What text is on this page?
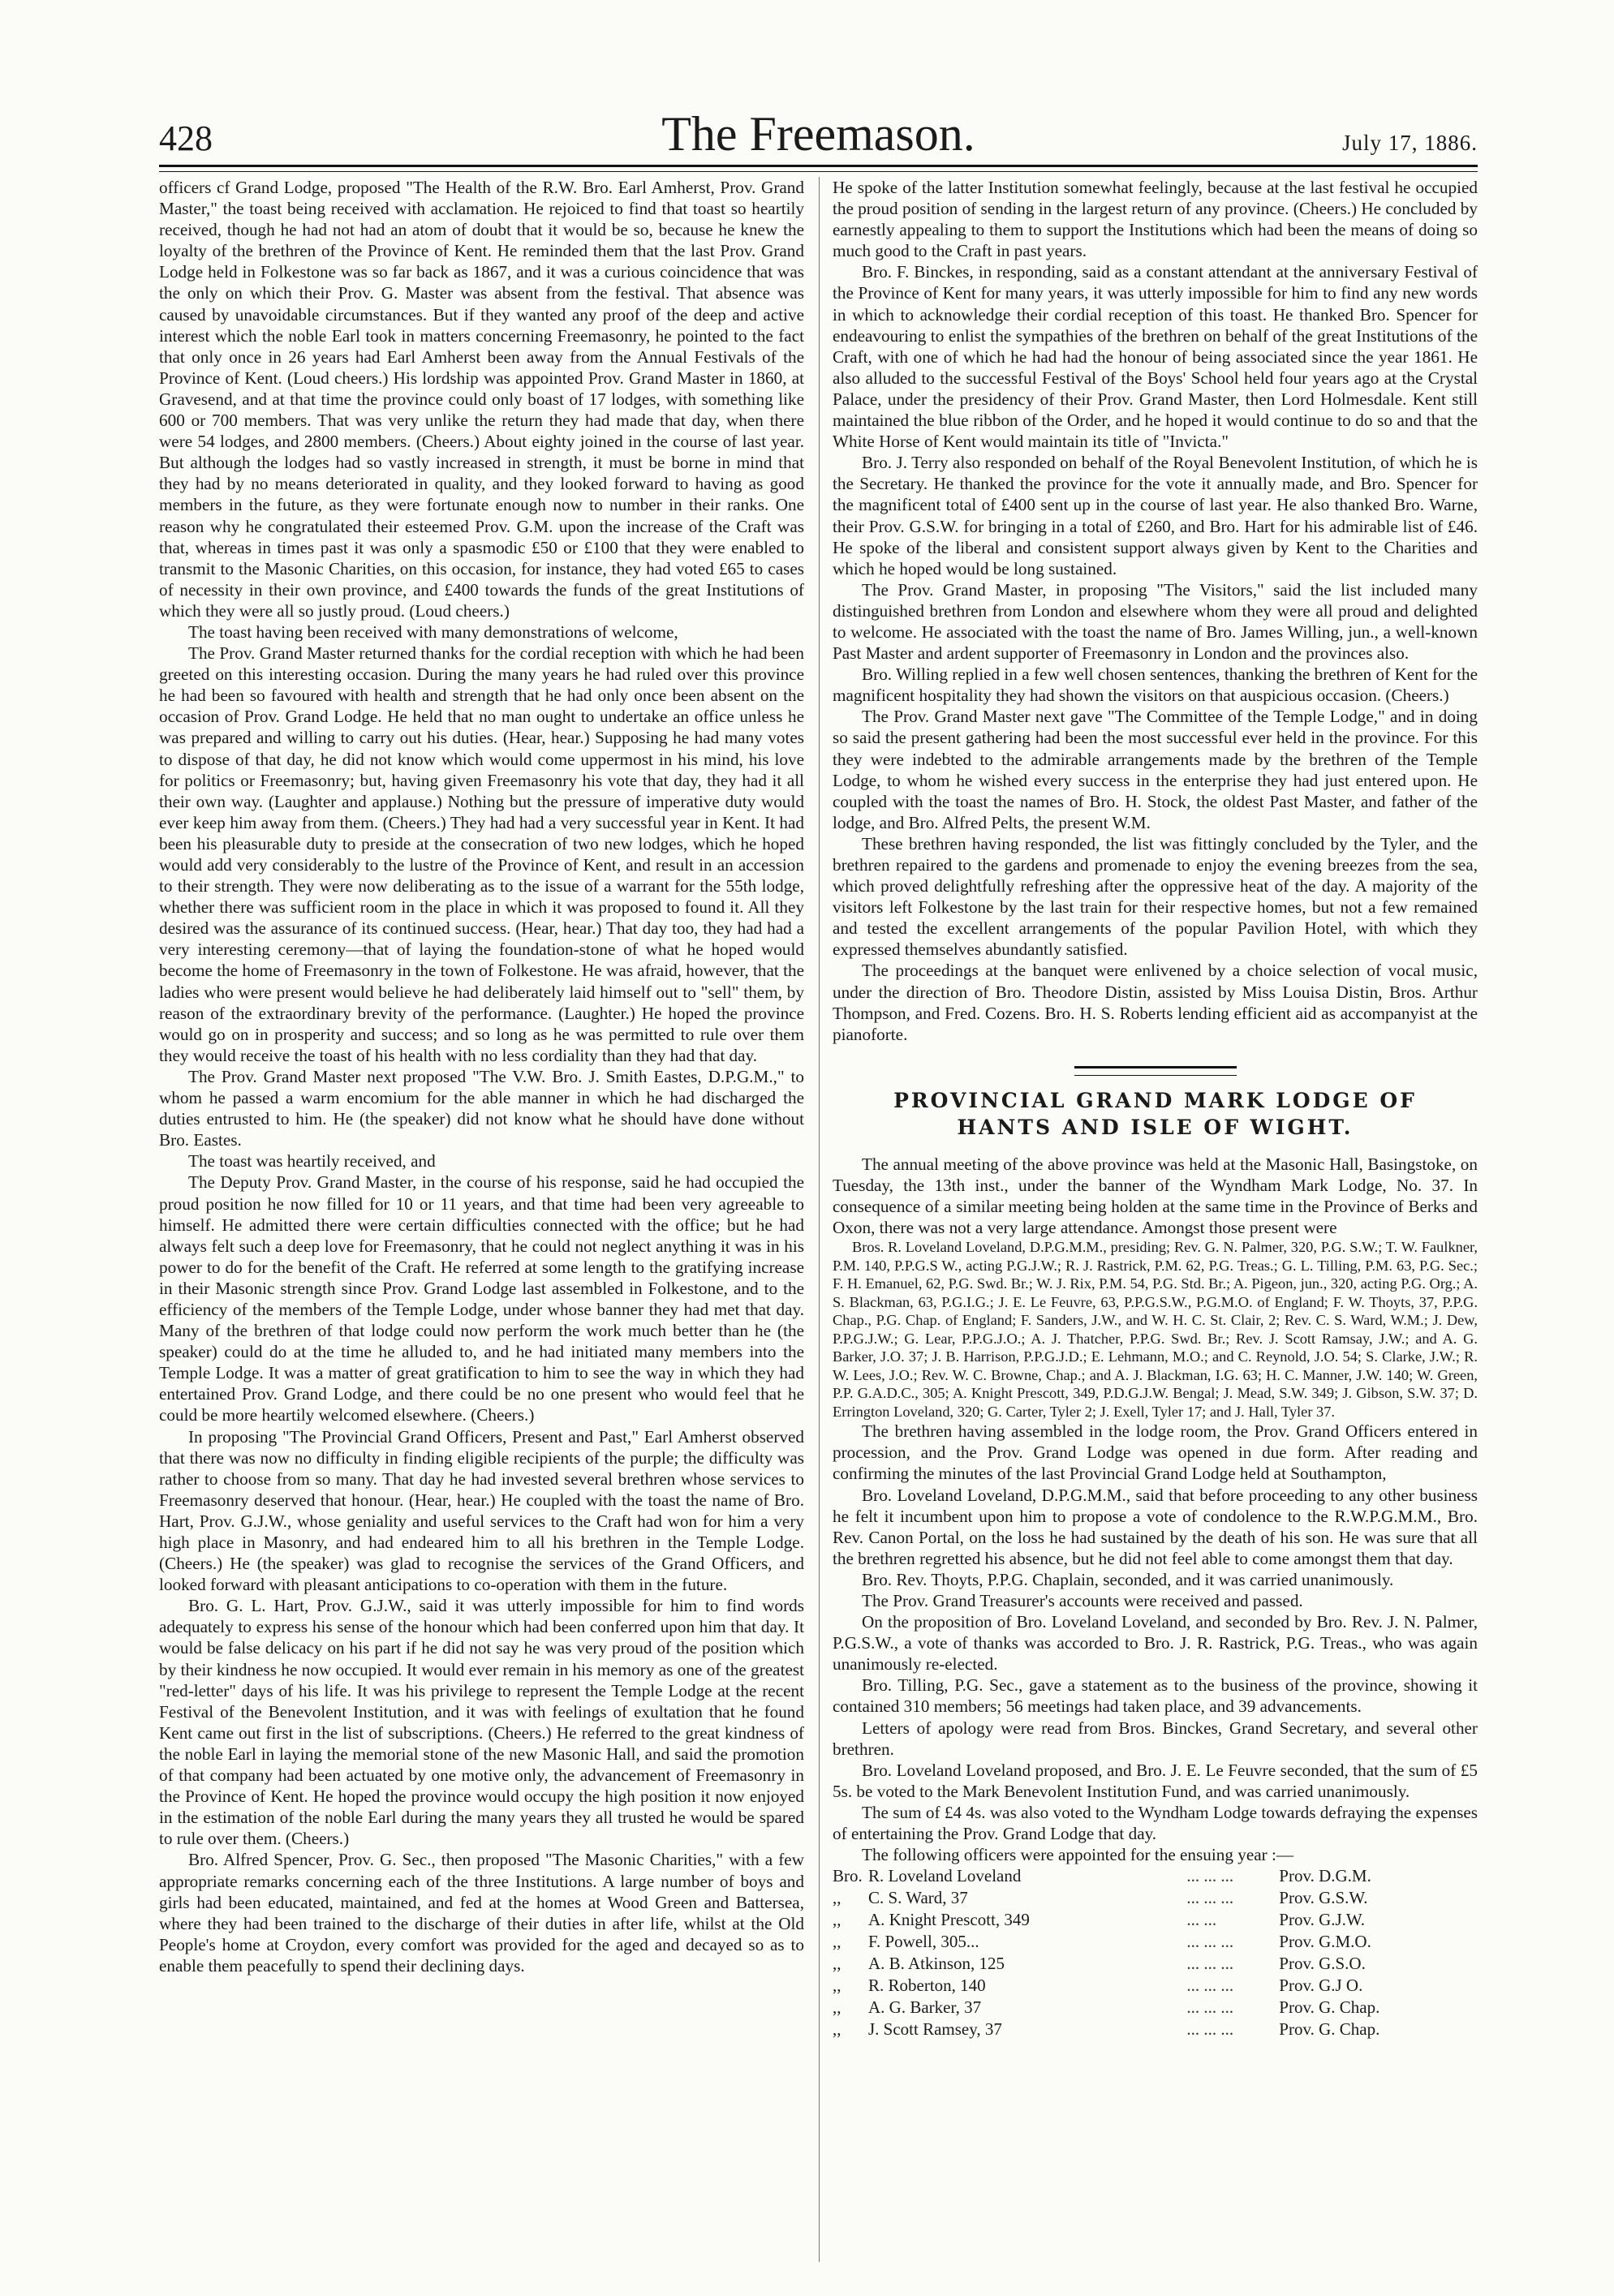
428	The Freemason.	July 17, 1886.

officers cf Grand Lodge, proposed "The Health of the R.W. Bro. Earl Amherst, Prov. Grand Master," the toast being received with acclamation. He rejoiced to find that toast so heartily received, though he had not had an atom of doubt that it would be so, because he knew the loyalty of the brethren of the Province of Kent. He reminded them that the last Prov. Grand Lodge held in Folkestone was so far back as 1867, and it was a curious coincidence that was the only on which their Prov. G. Master was absent from the festival. That absence was caused by unavoidable circumstances. But if they wanted any proof of the deep and active interest which the noble Earl took in matters concerning Freemasonry, he pointed to the fact that only once in 26 years had Earl Amherst been away from the Annual Festivals of the Province of Kent. (Loud cheers.) His lordship was appointed Prov. Grand Master in 1860, at Gravesend, and at that time the province could only boast of 17 lodges, with something like 600 or 700 members. That was very unlike the return they had made that day, when there were 54 lodges, and 2800 members. (Cheers.) About eighty joined in the course of last year. But although the lodges had so vastly increased in strength, it must be borne in mind that they had by no means deteriorated in quality, and they looked forward to having as good members in the future, as they were fortunate enough now to number in their ranks. One reason why he congratulated their esteemed Prov. G.M. upon the increase of the Craft was that, whereas in times past it was only a spasmodic £50 or £100 that they were enabled to transmit to the Masonic Charities, on this occasion, for instance, they had voted £65 to cases of necessity in their own province, and £400 towards the funds of the great Institutions of which they were all so justly proud. (Loud cheers.)

The toast having been received with many demonstrations of welcome,

The Prov. Grand Master returned thanks for the cordial reception with which he had been greeted on this interesting occasion. During the many years he had ruled over this province he had been so favoured with health and strength that he had only once been absent on the occasion of Prov. Grand Lodge. He held that no man ought to undertake an office unless he was prepared and willing to carry out his duties. (Hear, hear.) Supposing he had many votes to dispose of that day, he did not know which would come uppermost in his mind, his love for politics or Freemasonry; but, having given Freemasonry his vote that day, they had it all their own way. (Laughter and applause.) Nothing but the pressure of imperative duty would ever keep him away from them. (Cheers.) They had had a very successful year in Kent. It had been his pleasurable duty to preside at the consecration of two new lodges, which he hoped would add very considerably to the lustre of the Province of Kent, and result in an accession to their strength. They were now deliberating as to the issue of a warrant for the 55th lodge, whether there was sufficient room in the place in which it was proposed to found it. All they desired was the assurance of its continued success. (Hear, hear.) That day too, they had had a very interesting ceremony—that of laying the foundation-stone of what he hoped would become the home of Freemasonry in the town of Folkestone. He was afraid, however, that the ladies who were present would believe he had deliberately laid himself out to "sell" them, by reason of the extraordinary brevity of the performance. (Laughter.) He hoped the province would go on in prosperity and success; and so long as he was permitted to rule over them they would receive the toast of his health with no less cordiality than they had that day.

The Prov. Grand Master next proposed "The V.W. Bro. J. Smith Eastes, D.P.G.M.," to whom he passed a warm encomium for the able manner in which he had discharged the duties entrusted to him. He (the speaker) did not know what he should have done without Bro. Eastes.

The toast was heartily received, and

The Deputy Prov. Grand Master, in the course of his response, said he had occupied the proud position he now filled for 10 or 11 years, and that time had been very agreeable to himself. He admitted there were certain difficulties connected with the office; but he had always felt such a deep love for Freemasonry, that he could not neglect anything it was in his power to do for the benefit of the Craft. He referred at some length to the gratifying increase in their Masonic strength since Prov. Grand Lodge last assembled in Folkestone, and to the efficiency of the members of the Temple Lodge, under whose banner they had met that day. Many of the brethren of that lodge could now perform the work much better than he (the speaker) could do at the time he alluded to, and he had initiated many members into the Temple Lodge. It was a matter of great gratification to him to see the way in which they had entertained Prov. Grand Lodge, and there could be no one present who would feel that he could be more heartily welcomed elsewhere. (Cheers.)

In proposing "The Provincial Grand Officers, Present and Past," Earl Amherst observed that there was now no difficulty in finding eligible recipients of the purple; the difficulty was rather to choose from so many. That day he had invested several brethren whose services to Freemasonry deserved that honour. (Hear, hear.) He coupled with the toast the name of Bro. Hart, Prov. G.J.W., whose geniality and useful services to the Craft had won for him a very high place in Masonry, and had endeared him to all his brethren in the Temple Lodge. (Cheers.) He (the speaker) was glad to recognise the services of the Grand Officers, and looked forward with pleasant anticipations to co-operation with them in the future.

Bro. G. L. Hart, Prov. G.J.W., said it was utterly impossible for him to find words adequately to express his sense of the honour which had been conferred upon him that day. It would be false delicacy on his part if he did not say he was very proud of the position which by their kindness he now occupied. It would ever remain in his memory as one of the greatest "red-letter" days of his life. It was his privilege to represent the Temple Lodge at the recent Festival of the Benevolent Institution, and it was with feelings of exultation that he found Kent came out first in the list of subscriptions. (Cheers.) He referred to the great kindness of the noble Earl in laying the memorial stone of the new Masonic Hall, and said the promotion of that company had been actuated by one motive only, the advancement of Freemasonry in the Province of Kent. He hoped the province would occupy the high position it now enjoyed in the estimation of the noble Earl during the many years they all trusted he would be spared to rule over them. (Cheers.)

Bro. Alfred Spencer, Prov. G. Sec., then proposed "The Masonic Charities," with a few appropriate remarks concerning each of the three Institutions. A large number of boys and girls had been educated, maintained, and fed at the homes at Wood Green and Battersea, where they had been trained to the discharge of their duties in after life, whilst at the Old People's home at Croydon, every comfort was provided for the aged and decayed so as to enable them peacefully to spend their declining days.

He spoke of the latter Institution somewhat feelingly, because at the last festival he occupied the proud position of sending in the largest return of any province. (Cheers.) He concluded by earnestly appealing to them to support the Institutions which had been the means of doing so much good to the Craft in past years.

Bro. F. Binckes, in responding, said as a constant attendant at the anniversary Festival of the Province of Kent for many years, it was utterly impossible for him to find any new words in which to acknowledge their cordial reception of this toast. He thanked Bro. Spencer for endeavouring to enlist the sympathies of the brethren on behalf of the great Institutions of the Craft, with one of which he had had the honour of being associated since the year 1861. He also alluded to the successful Festival of the Boys' School held four years ago at the Crystal Palace, under the presidency of their Prov. Grand Master, then Lord Holmesdale. Kent still maintained the blue ribbon of the Order, and he hoped it would continue to do so and that the White Horse of Kent would maintain its title of "Invicta."

Bro. J. Terry also responded on behalf of the Royal Benevolent Institution, of which he is the Secretary. He thanked the province for the vote it annually made, and Bro. Spencer for the magnificent total of £400 sent up in the course of last year. He also thanked Bro. Warne, their Prov. G.S.W. for bringing in a total of £260, and Bro. Hart for his admirable list of £46. He spoke of the liberal and consistent support always given by Kent to the Charities and which he hoped would be long sustained.

The Prov. Grand Master, in proposing "The Visitors," said the list included many distinguished brethren from London and elsewhere whom they were all proud and delighted to welcome. He associated with the toast the name of Bro. James Willing, jun., a well-known Past Master and ardent supporter of Freemasonry in London and the provinces also.

Bro. Willing replied in a few well chosen sentences, thanking the brethren of Kent for the magnificent hospitality they had shown the visitors on that auspicious occasion. (Cheers.)

The Prov. Grand Master next gave "The Committee of the Temple Lodge," and in doing so said the present gathering had been the most successful ever held in the province. For this they were indebted to the admirable arrangements made by the brethren of the Temple Lodge, to whom he wished every success in the enterprise they had just entered upon. He coupled with the toast the names of Bro. H. Stock, the oldest Past Master, and father of the lodge, and Bro. Alfred Pelts, the present W.M.

These brethren having responded, the list was fittingly concluded by the Tyler, and the brethren repaired to the gardens and promenade to enjoy the evening breezes from the sea, which proved delightfully refreshing after the oppressive heat of the day. A majority of the visitors left Folkestone by the last train for their respective homes, but not a few remained and tested the excellent arrangements of the popular Pavilion Hotel, with which they expressed themselves abundantly satisfied.

The proceedings at the banquet were enlivened by a choice selection of vocal music, under the direction of Bro. Theodore Distin, assisted by Miss Louisa Distin, Bros. Arthur Thompson, and Fred. Cozens. Bro. H. S. Roberts lending efficient aid as accompanyist at the pianoforte.

PROVINCIAL GRAND MARK LODGE OF
HANTS AND ISLE OF WIGHT.

The annual meeting of the above province was held at the Masonic Hall, Basingstoke, on Tuesday, the 13th inst., under the banner of the Wyndham Mark Lodge, No. 37. In consequence of a similar meeting being holden at the same time in the Province of Berks and Oxon, there was not a very large attendance. Amongst those present were

Bros. R. Loveland Loveland, D.P.G.M.M., presiding; Rev. G. N. Palmer, 320, P.G. S.W.; T. W. Faulkner, P.M. 140, P.P.G.S W., acting P.G.J.W.; R. J. Rastrick, P.M. 62, P.G. Treas.; G. L. Tilling, P.M. 63, P.G. Sec.; F. H. Emanuel, 62, P.G. Swd. Br.; W. J. Rix, P.M. 54, P.G. Std. Br.; A. Pigeon, jun., 320, acting P.G. Org.; A. S. Blackman, 63, P.G.I.G.; J. E. Le Feuvre, 63, P.P.G.S.W., P.G.M.O. of England; F. W. Thoyts, 37, P.P.G. Chap., P.G. Chap. of England; F. Sanders, J.W., and W. H. C. St. Clair, 2; Rev. C. S. Ward, W.M.; J. Dew, P.P.G.J.W.; G. Lear, P.P.G.J.O.; A. J. Thatcher, P.P.G. Swd. Br.; Rev. J. Scott Ramsay, J.W.; and A. G. Barker, J.O. 37; J. B. Harrison, P.P.G.J.D.; E. Lehmann, M.O.; and C. Reynold, J.O. 54; S. Clarke, J.W.; R. W. Lees, J.O.; Rev. W. C. Browne, Chap.; and A. J. Blackman, I.G. 63; H. C. Manner, J.W. 140; W. Green, P.P. G.A.D.C., 305; A. Knight Prescott, 349, P.D.G.J.W. Bengal; J. Mead, S.W. 349; J. Gibson, S.W. 37; D. Errington Loveland, 320; G. Carter, Tyler 2; J. Exell, Tyler 17; and J. Hall, Tyler 37.

The brethren having assembled in the lodge room, the Prov. Grand Officers entered in procession, and the Prov. Grand Lodge was opened in due form. After reading and confirming the minutes of the last Provincial Grand Lodge held at Southampton,

Bro. Loveland Loveland, D.P.G.M.M., said that before proceeding to any other business he felt it incumbent upon him to propose a vote of condolence to the R.W.P.G.M.M., Bro. Rev. Canon Portal, on the loss he had sustained by the death of his son. He was sure that all the brethren regretted his absence, but he did not feel able to come amongst them that day.

Bro. Rev. Thoyts, P.P.G. Chaplain, seconded, and it was carried unanimously.

The Prov. Grand Treasurer's accounts were received and passed.

On the proposition of Bro. Loveland Loveland, and seconded by Bro. Rev. J. N. Palmer, P.G.S.W., a vote of thanks was accorded to Bro. J. R. Rastrick, P.G. Treas., who was again unanimously re-elected.

Bro. Tilling, P.G. Sec., gave a statement as to the business of the province, showing it contained 310 members; 56 meetings had taken place, and 39 advancements.

Letters of apology were read from Bros. Binckes, Grand Secretary, and several other brethren.

Bro. Loveland Loveland proposed, and Bro. J. E. Le Feuvre seconded, that the sum of £5 5s. be voted to the Mark Benevolent Institution Fund, and was carried unanimously.

The sum of £4 4s. was also voted to the Wyndham Lodge towards defraying the expenses of entertaining the Prov. Grand Lodge that day.

The following officers were appointed for the ensuing year :—

Bro.	R. Loveland Loveland	... ... ...	Prov. D.G.M.
,,	C. S. Ward, 37	... ... ...	Prov. G.S.W.
,,	A. Knight Prescott, 349	... ...	Prov. G.J.W.
,,	F. Powell, 305...	... ... ...	Prov. G.M.O.
,,	A. B. Atkinson, 125	... ... ...	Prov. G.S.O.
,,	R. Roberton, 140	... ... ...	Prov. G.J O.
,,	A. G. Barker, 37	... ... ...	Prov. G. Chap.
,,	J. Scott Ramsey, 37	... ... ...	Prov. G. Chap.
